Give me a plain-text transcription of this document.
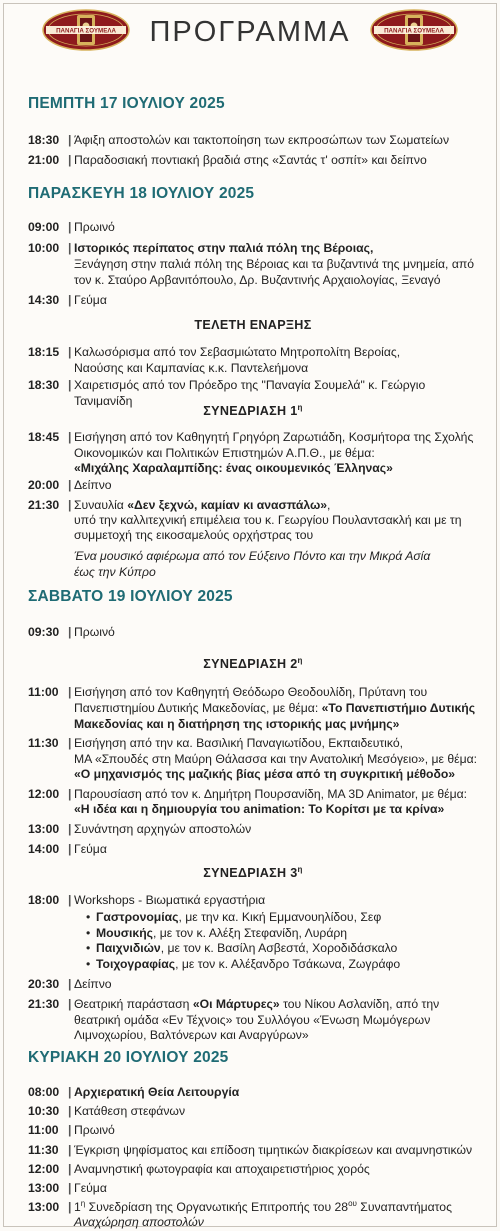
ΠΑΝΑΓΙΑ ΣΟΥΜΕΛΑ	ΠΡΟΓΡΑΜΜΑ	ΠΑΝΑΓΙΑ ΣΟΥΜΕΛΑ
ΠΕΜΠΤΗ 17 ΙΟΥΛΙΟΥ 2025
18:30 | Άφιξη αποστολών και τακτοποίηση των εκπροσώπων των Σωματείων
21:00 | Παραδοσιακή ποντιακή βραδιά στης «Σαντάς τ' οσπίτ» και δείπνο
ΠΑΡΑΣΚΕΥΗ 18 ΙΟΥΛΙΟΥ 2025
09:00 | Πρωινό
10:00 | Ιστορικός περίπατος στην παλιά πόλη της Βέροιας,
Ξενάγηση στην παλιά πόλη της Βέροιας και τα βυζαντινά της μνημεία, από
τον κ. Σταύρο Αρβανιτόπουλο, Δρ. Βυζαντινής Αρχαιολογίας, Ξεναγό
14:30 | Γεύμα
ΤΕΛΕΤΗ ΕΝΑΡΞΗΣ
18:15 | Καλωσόρισμα από τον Σεβασμιώτατο Μητροπολίτη Βεροίας,
Ναούσης και Καμπανίας κ.κ. Παντελεήμονα
18:30 | Χαιρετισμός από τον Πρόεδρο της "Παναγία Σουμελά" κ. Γεώργιο Τανιμανίδη
ΣΥΝΕΔΡΙΑΣΗ $1^\eta$
18:45 | Εισήγηση από τον Καθηγητή Γρηγόρη Ζαρωτιάδη, Κοσμήτορα της Σχολής
Οικονομικών και Πολιτικών Επιστημών Α.Π.Θ., με θέμα:
«Μιχάλης Χαραλαμπίδης: ένας οικουμενικός Έλληνας»
20:00 | Δείπνο
21:30 | Συναυλία «Δεν ξεχνώ, καμίαν κι ανασπάλω»,
υπό την καλλιτεχνική επιμέλεια του κ. Γεωργίου Πουλαντσακλή και με τη
συμμετοχή της εικοσαμελούς ορχήστρας του
Ένα μουσικό αφιέρωμα από τον Εύξεινο Πόντο και την Μικρά Ασία
έως την Κύπρο
ΣΑΒΒΑΤΟ 19 ΙΟΥΛΙΟΥ 2025
09:30 | Πρωινό
ΣΥΝΕΔΡΙΑΣΗ $2^\eta$
11:00 | Εισήγηση από τον Καθηγητή Θεόδωρο Θεοδουλίδη, Πρύτανη του
Πανεπιστημίου Δυτικής Μακεδονίας, με θέμα: «Το Πανεπιστήμιο Δυτικής
Μακεδονίας και η διατήρηση της ιστορικής μας μνήμης»
11:30 | Εισήγηση από την κα. Βασιλική Παναγιωτίδου, Εκπαιδευτικό,
ΜΑ «Σπουδές στη Μαύρη Θάλασσα και την Ανατολική Μεσόγειο», με θέμα:
«Ο μηχανισμός της μαζικής βίας μέσα από τη συγκριτική μέθοδο»
12:00 | Παρουσίαση από τον κ. Δημήτρη Πουρσανίδη, MA 3D Animator, με θέμα:
«Η ιδέα και η δημιουργία του animation: Το Κορίτσι με τα κρίνα»
13:00 | Συνάντηση αρχηγών αποστολών
14:00 | Γεύμα
ΣΥΝΕΔΡΙΑΣΗ $3^\eta$
18:00 | Workshops - Βιωματικά εργαστήρια
• Γαστρονομίας, με την κα. Κική Εμμανουηλίδου, Σεφ
• Μουσικής, με τον κ. Αλέξη Στεφανίδη, Λυράρη
• Παιχνιδιών, με τον κ. Βασίλη Ασβεστά, Χοροδιδάσκαλο
• Τοιχογραφίας, με τον κ. Αλέξανδρο Τσάκωνα, Ζωγράφο
20:30 | Δείπνο
21:30 | Θεατρική παράσταση «Οι Μάρτυρες» του Νίκου Ασλανίδη, από την
θεατρική ομάδα «Εν Τέχνοις» του Συλλόγου «Ένωση Μωμόγερων
Λιμνοχωρίου, Βαλτόνερων και Αναργύρων»
ΚΥΡΙΑΚΗ 20 ΙΟΥΛΙΟΥ 2025
08:00 | Αρχιερατική Θεία Λειτουργία
10:30 | Κατάθεση στεφάνων
11:00 | Πρωινό
11:30 | Έγκριση ψηφίσματος και επίδοση τιμητικών διακρίσεων και αναμνηστικών
12:00 | Αναμνηστική φωτογραφία και αποχαιρετιστήριος χορός
13:00 | Γεύμα
13:00 | $1^\eta$ Συνεδρίαση της Οργανωτικής Επιτροπής του $28^{o\upsilon}$ Συναπαντήματος
Αναχώρηση αποστολών
